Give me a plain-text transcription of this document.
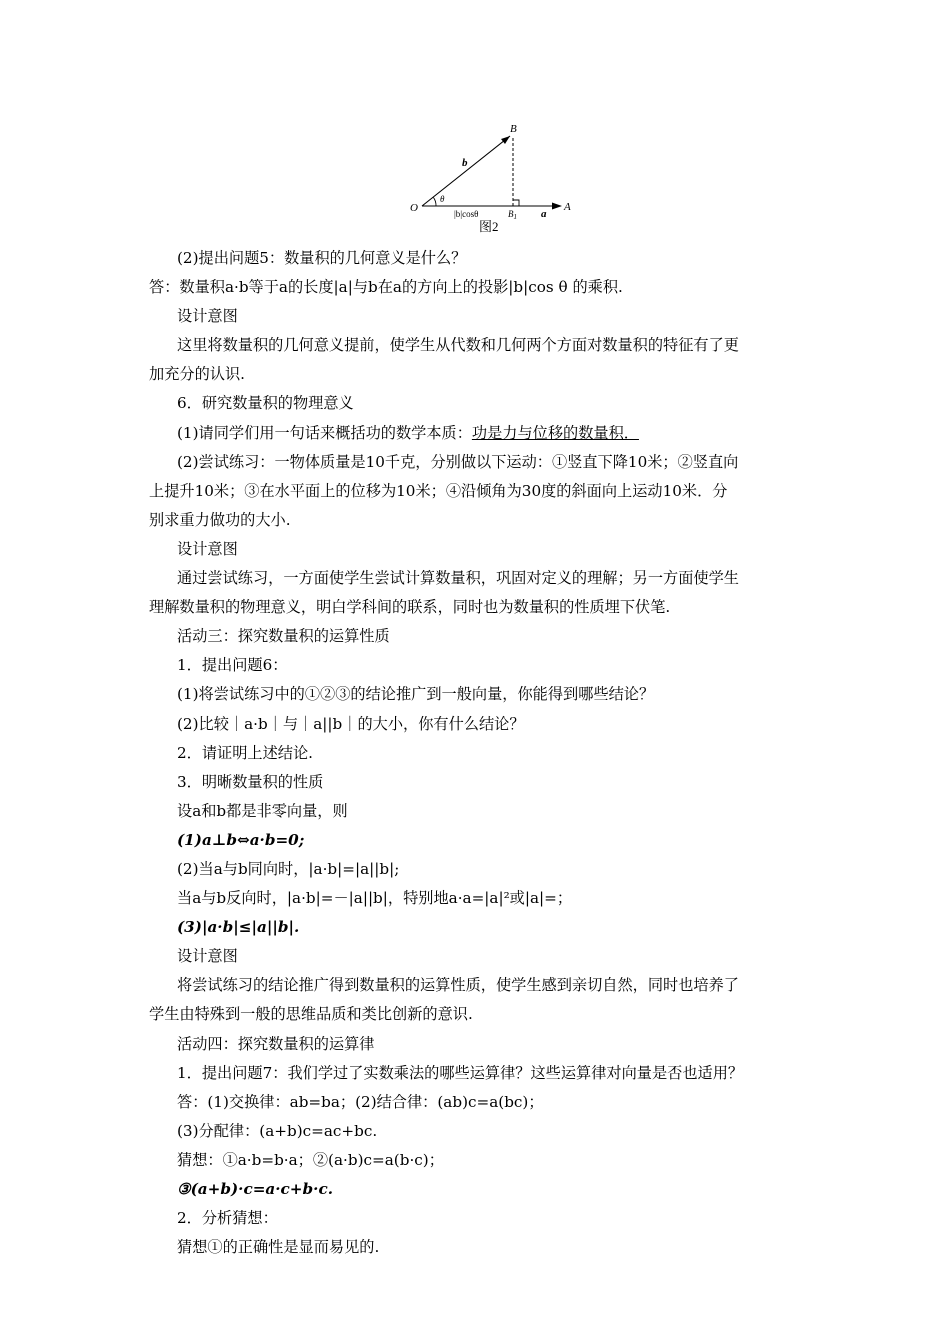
B
O	A
b
θ
|b|cosθ	$B_1$ a
图2
(2)提出问题5：数量积的几何意义是什么？
答：数量积a·b等于a的长度|a|与b在a的方向上的投影|b|cos θ 的乘积.
设计意图
这里将数量积的几何意义提前，使学生从代数和几何两个方面对数量积的特征有了更
加充分的认识.
6．研究数量积的物理意义
(1)请同学们用一句话来概括功的数学本质：功是力与位移的数量积．
(2)尝试练习：一物体质量是10千克，分别做以下运动：①竖直下降10米；②竖直向
上提升10米；③在水平面上的位移为10米；④沿倾角为30度的斜面向上运动10米．分
别求重力做功的大小.
设计意图
通过尝试练习，一方面使学生尝试计算数量积，巩固对定义的理解；另一方面使学生
理解数量积的物理意义，明白学科间的联系，同时也为数量积的性质埋下伏笔.
活动三：探究数量积的运算性质
1．提出问题6：
(1)将尝试练习中的①②③的结论推广到一般向量，你能得到哪些结论？
(2)比较｜a·b｜与｜a||b｜的大小，你有什么结论？
2．请证明上述结论.
3．明晰数量积的性质
设a和b都是非零向量，则
(1)a⊥b⇔a·b=0;
(2)当a与b同向时，|a·b|=|a||b|;
当a与b反向时，|a·b|=－|a||b|，特别地a·a=|a|²或|a|=；
(3)|a·b|≤|a||b|.
设计意图
将尝试练习的结论推广得到数量积的运算性质，使学生感到亲切自然，同时也培养了
学生由特殊到一般的思维品质和类比创新的意识.
活动四：探究数量积的运算律
1．提出问题7：我们学过了实数乘法的哪些运算律？这些运算律对向量是否也适用？
答：(1)交换律：ab=ba；(2)结合律：(ab)c=a(bc)；
(3)分配律：(a+b)c=ac+bc.
猜想：①a·b=b·a；②(a·b)c=a(b·c)；
③(a+b)·c=a·c+b·c.
2．分析猜想：
猜想①的正确性是显而易见的.
